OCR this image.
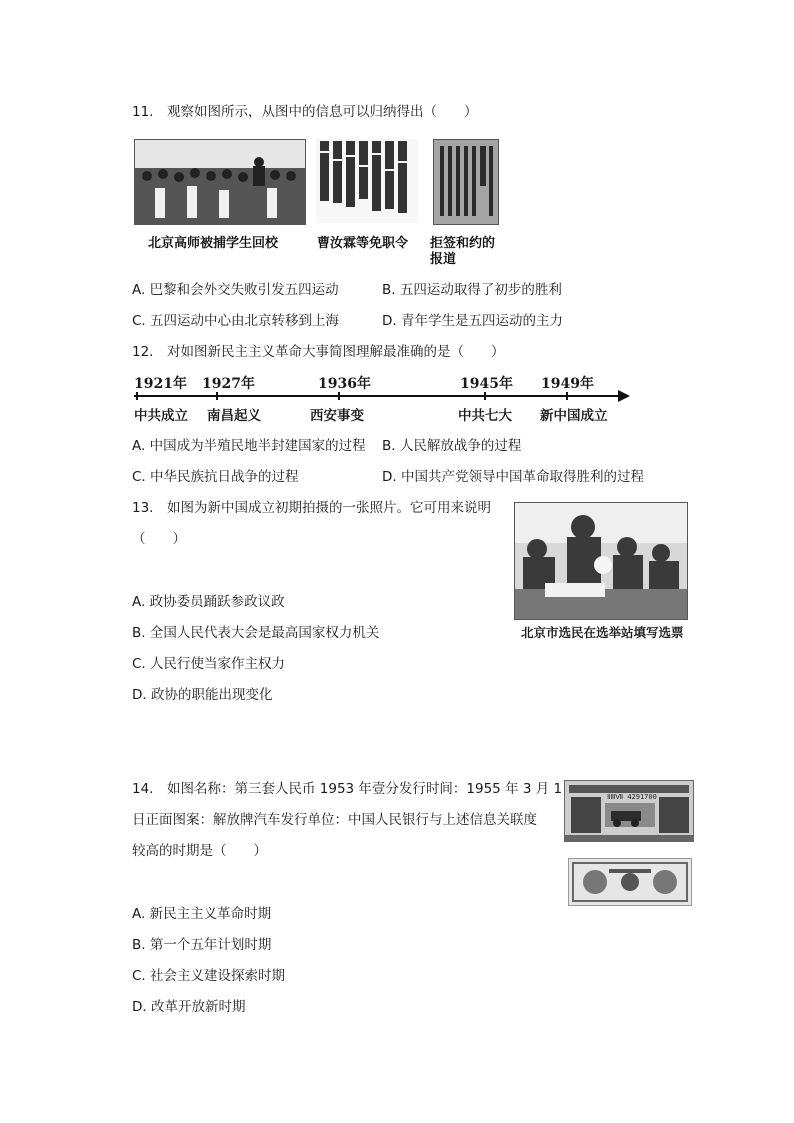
11.　观察如图所示，从图中的信息可以归纳得出（　　）
北京高师被捕学生回校	曹汝霖等免职令 拒签和约的
报道
A. 巴黎和会外交失败引发五四运动	B. 五四运动取得了初步的胜利
C. 五四运动中心由北京转移到上海	D. 青年学生是五四运动的主力
12.　对如图新民主主义革命大事简图理解最准确的是（　　）
1921年 1927年	1936年	1945年 1949年
中共成立 南昌起义	西安事变	中共七大 新中国成立
A. 中国成为半殖民地半封建国家的过程 B. 人民解放战争的过程
C. 中华民族抗日战争的过程	D. 中国共产党领导中国革命取得胜利的过程
13.　如图为新中国成立初期拍摄的一张照片。它可用来说明
（　　）
北京市选民在选举站填写选票
A. 政协委员踊跃参政议政
B. 全国人民代表大会是最高国家权力机关
C. 人民行使当家作主权力
D. 政协的职能出现变化
14.　如图名称：第三套人民币 1953 年壹分发行时间：1955 年 3 月 1
日正面图案：解放牌汽车发行单位：中国人民银行与上述信息关联度
较高的时期是（　　）
ⅡⅢⅦ 4291700
A. 新民主主义革命时期
B. 第一个五年计划时期
C. 社会主义建设探索时期
D. 改革开放新时期
